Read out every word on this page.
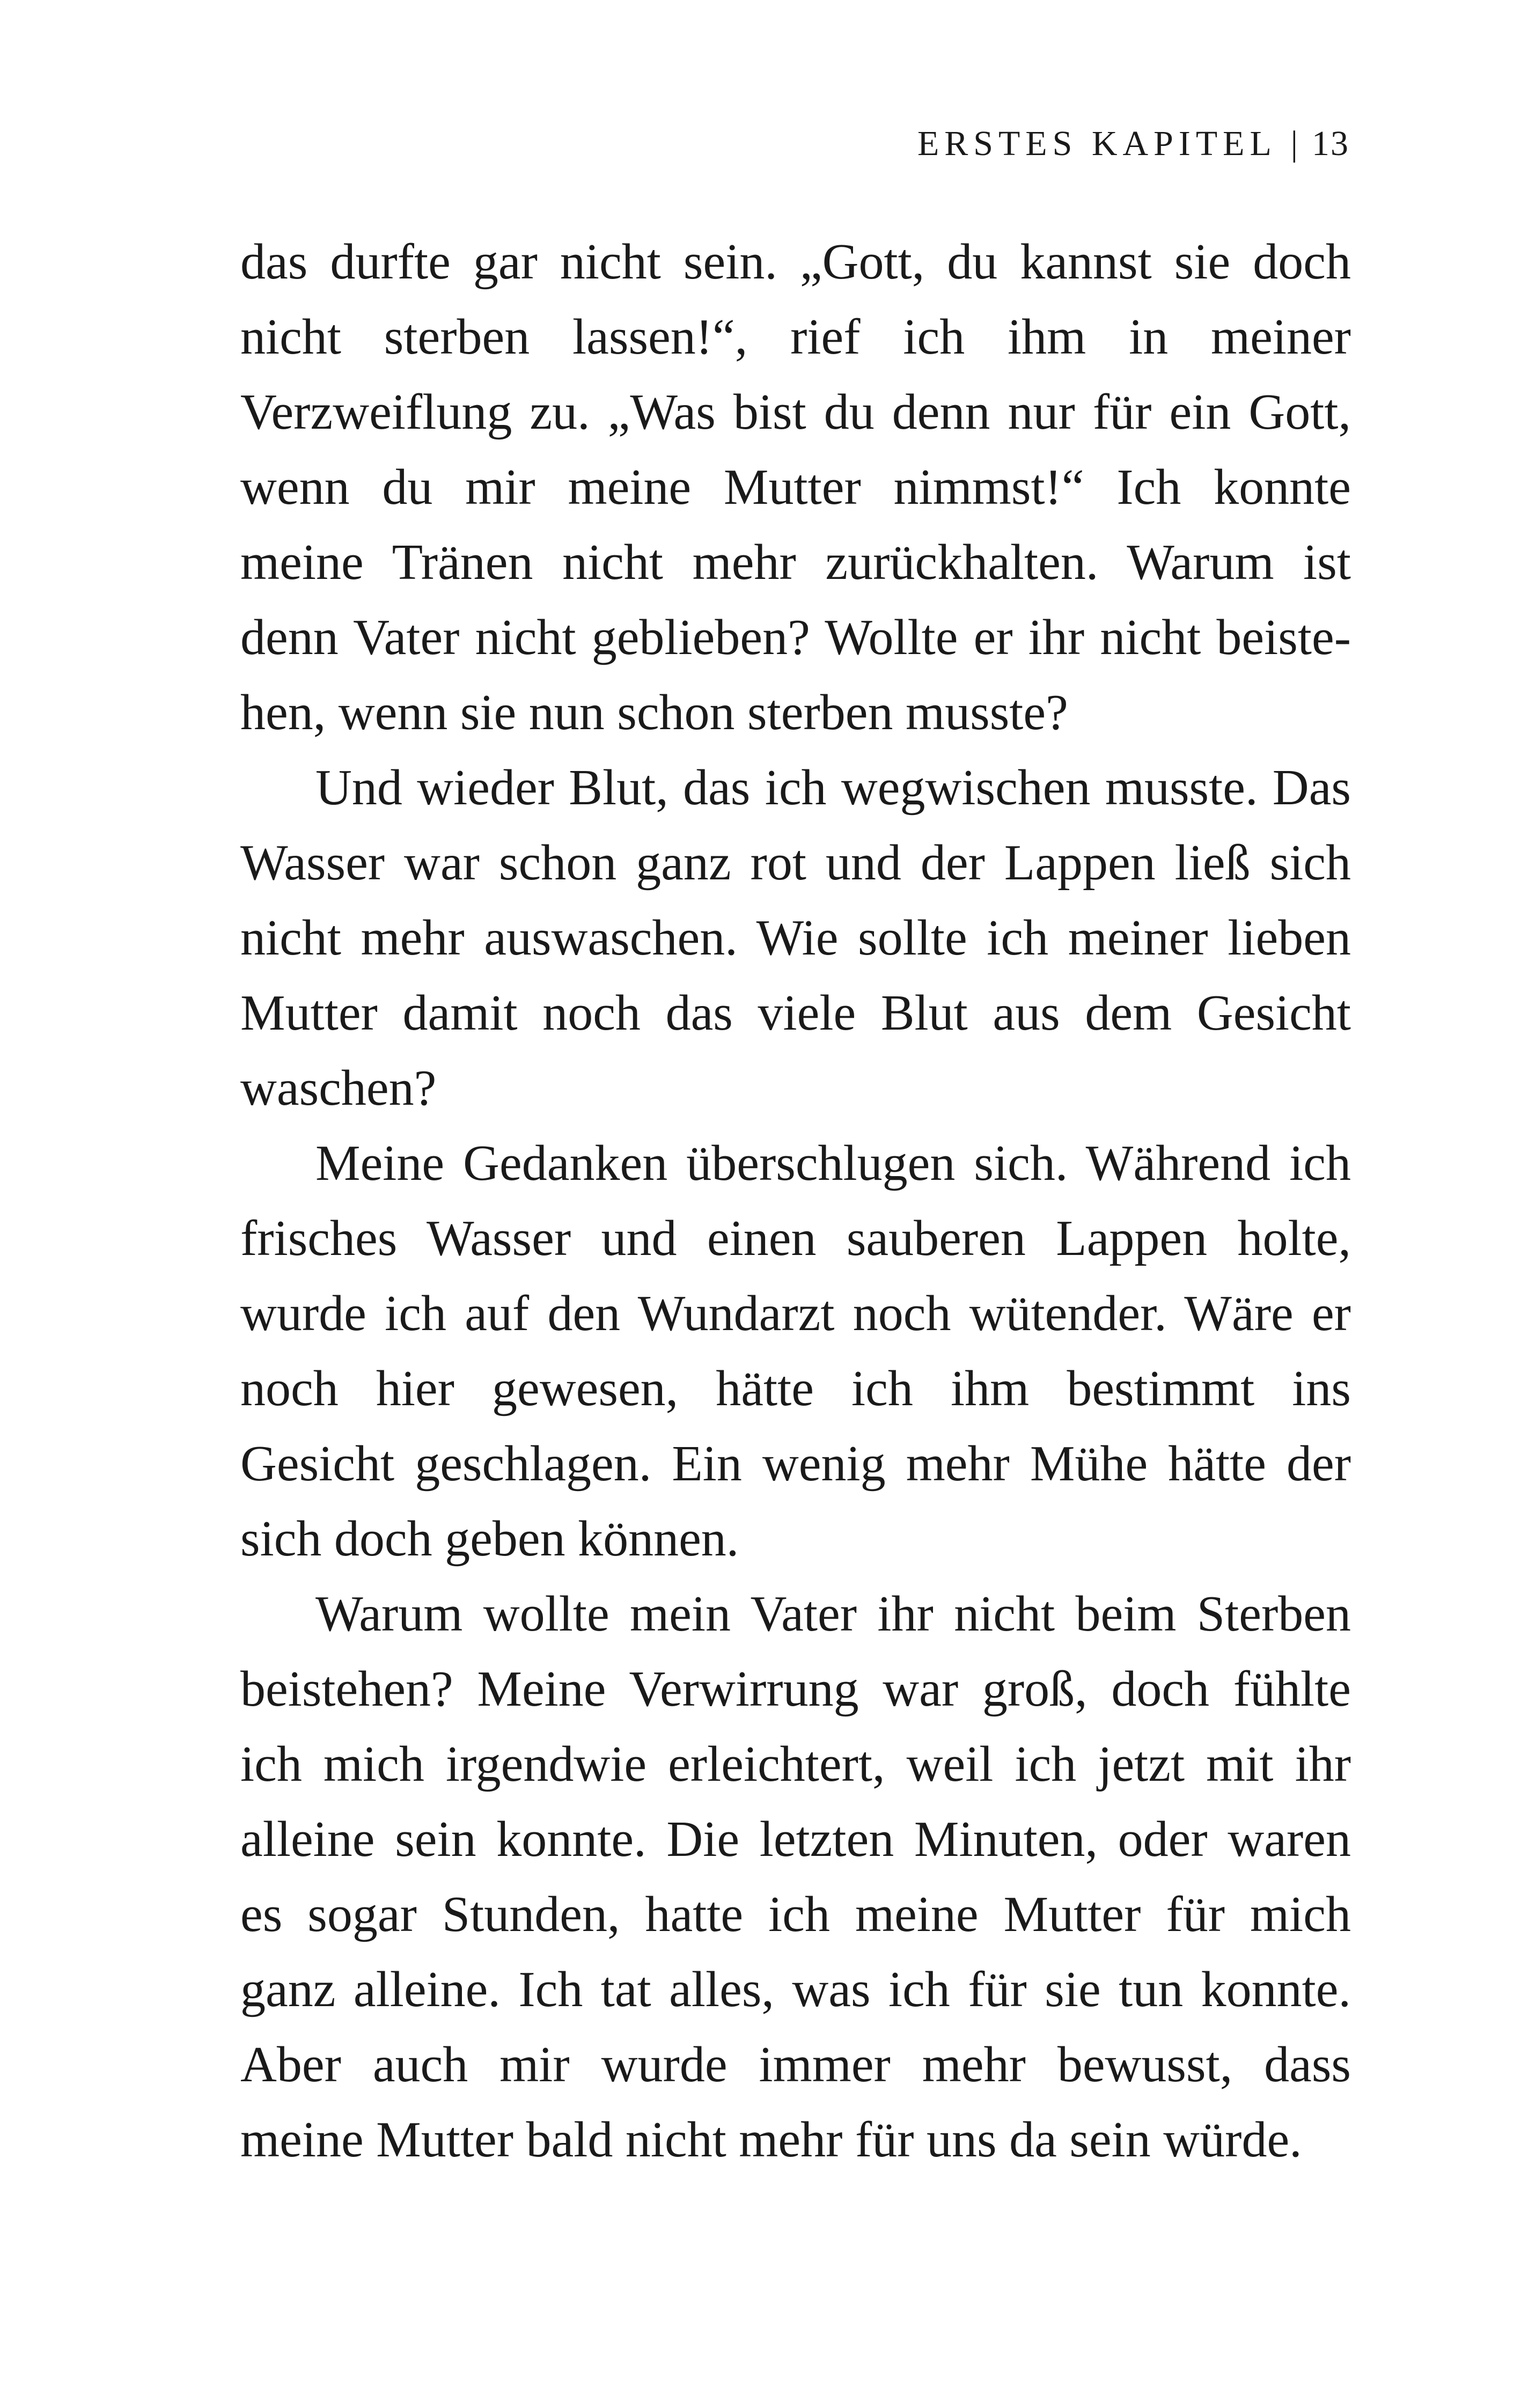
ERSTES KAPITEL | 13
das durfte gar nicht sein. „Gott, du kannst sie doch
nicht sterben lassen!“, rief ich ihm in meiner
Verzweiflung zu. „Was bist du denn nur für ein Gott,
wenn du mir meine Mutter nimmst!“ Ich konnte
meine Tränen nicht mehr zurückhalten. Warum ist
denn Vater nicht geblieben? Wollte er ihr nicht beiste-
hen, wenn sie nun schon sterben musste?
Und wieder Blut, das ich wegwischen musste. Das
Wasser war schon ganz rot und der Lappen ließ sich
nicht mehr auswaschen. Wie sollte ich meiner lieben
Mutter damit noch das viele Blut aus dem Gesicht
waschen?
Meine Gedanken überschlugen sich. Während ich
frisches Wasser und einen sauberen Lappen holte,
wurde ich auf den Wundarzt noch wütender. Wäre er
noch hier gewesen, hätte ich ihm bestimmt ins
Gesicht geschlagen. Ein wenig mehr Mühe hätte der
sich doch geben können.
Warum wollte mein Vater ihr nicht beim Sterben
beistehen? Meine Verwirrung war groß, doch fühlte
ich mich irgendwie erleichtert, weil ich jetzt mit ihr
alleine sein konnte. Die letzten Minuten, oder waren
es sogar Stunden, hatte ich meine Mutter für mich
ganz alleine. Ich tat alles, was ich für sie tun konnte.
Aber auch mir wurde immer mehr bewusst, dass
meine Mutter bald nicht mehr für uns da sein würde.
